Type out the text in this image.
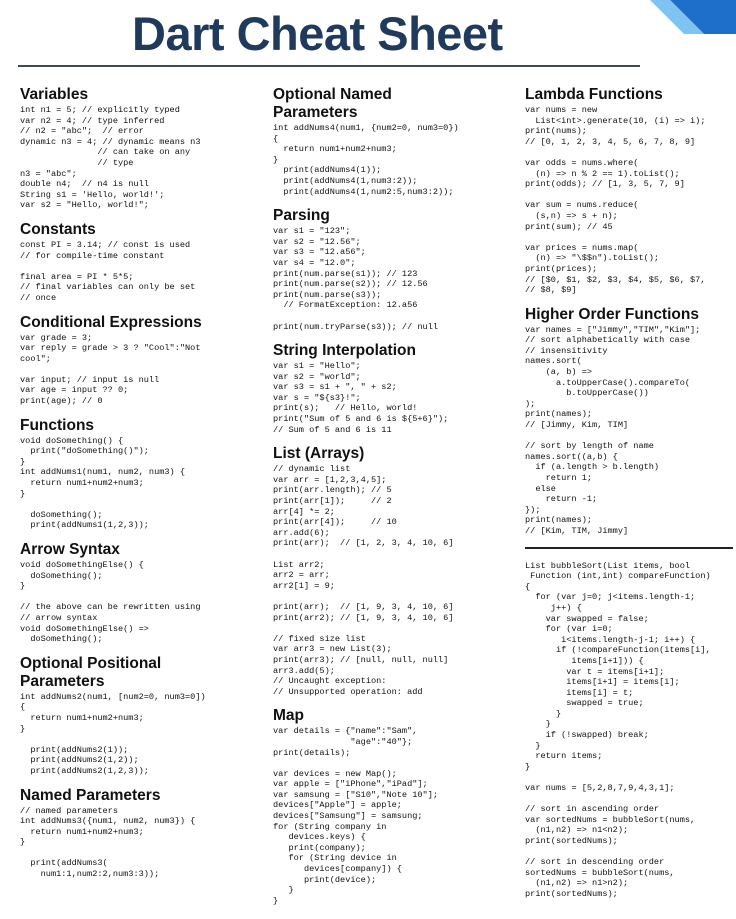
Dart Cheat Sheet
Variables
int n1 = 5; // explicitly typed
var n2 = 4; // type inferred
// n2 = "abc";  // error
dynamic n3 = 4; // dynamic means n3
// can take on any
// type
n3 = "abc";
double n4;  // n4 is null
String s1 = 'Hello, world!';
var s2 = "Hello, world!";
Constants
const PI = 3.14; // const is used
// for compile-time constant

final area = PI * 5*5;
// final variables can only be set
// once
Conditional Expressions
var grade = 3;
var reply = grade > 3 ? "Cool":"Not
cool";

var input; // input is null
var age = input ?? 0;
print(age); // 0
Functions
void doSomething() {
print("doSomething()");
}
int addNums1(num1, num2, num3) {
return num1+num2+num3;
}

doSomething();
print(addNums1(1,2,3));
Arrow Syntax
void doSomethingElse() {
doSomething();
}

// the above can be rewritten using
// arrow syntax
void doSomethingElse() =>
doSomething();
Optional Positional
Parameters
int addNums2(num1, [num2=0, num3=0])
{
return num1+num2+num3;
}

print(addNums2(1));
print(addNums2(1,2));
print(addNums2(1,2,3));
Named Parameters
// named parameters
int addNums3({num1, num2, num3}) {
return num1+num2+num3;
}

print(addNums3(
num1:1,num2:2,num3:3));
Optional Named
Parameters
int addNums4(num1, {num2=0, num3=0})
{
return num1+num2+num3;
}
print(addNums4(1));
print(addNums4(1,num3:2));
print(addNums4(1,num2:5,num3:2));
Parsing
var s1 = "123";
var s2 = "12.56";
var s3 = "12.a56";
var s4 = "12.0";
print(num.parse(s1)); // 123
print(num.parse(s2)); // 12.56
print(num.parse(s3));
// FormatException: 12.a56

print(num.tryParse(s3)); // null
String Interpolation
var s1 = "Hello";
var s2 = "world";
var s3 = s1 + ", " + s2;
var s = "${s3}!";
print(s);   // Hello, world!
print("Sum of 5 and 6 is ${5+6}");
// Sum of 5 and 6 is 11
List (Arrays)
// dynamic list
var arr = [1,2,3,4,5];
print(arr.length); // 5
print(arr[1]);     // 2
arr[4] *= 2;
print(arr[4]);     // 10
arr.add(6);
print(arr);  // [1, 2, 3, 4, 10, 6]

List arr2;
arr2 = arr;
arr2[1] = 9;

print(arr);  // [1, 9, 3, 4, 10, 6]
print(arr2); // [1, 9, 3, 4, 10, 6]

// fixed size list
var arr3 = new List(3);
print(arr3); // [null, null, null]
arr3.add(5);
// Uncaught exception:
// Unsupported operation: add
Map
var details = {"name":"Sam",
"age":"40"};
print(details);

var devices = new Map();
var apple = ["iPhone","iPad"];
var samsung = ["S10","Note 10"];
devices["Apple"] = apple;
devices["Samsung"] = samsung;
for (String company in
devices.keys) {
print(company);
for (String device in
devices[company]) {
print(device);
}
}
Lambda Functions
var nums = new
List<int>.generate(10, (i) => i);
print(nums);
// [0, 1, 2, 3, 4, 5, 6, 7, 8, 9]

var odds = nums.where(
(n) => n % 2 == 1).toList();
print(odds); // [1, 3, 5, 7, 9]

var sum = nums.reduce(
(s,n) => s + n);
print(sum); // 45

var prices = nums.map(
(n) => "\$$n").toList();
print(prices);
// [$0, $1, $2, $3, $4, $5, $6, $7,
// $8, $9]
Higher Order Functions
var names = ["Jimmy","TIM","Kim"];
// sort alphabetically with case
// insensitivity
names.sort(
(a, b) =>
a.toUpperCase().compareTo(
b.toUpperCase())
);
print(names);
// [Jimmy, Kim, TIM]

// sort by length of name
names.sort((a,b) {
if (a.length > b.length)
return 1;
else
return -1;
});
print(names);
// [Kim, TIM, Jimmy]
List bubbleSort(List items, bool
Function (int,int) compareFunction)
{
for (var j=0; j<items.length-1;
j++) {
var swapped = false;
for (var i=0;
i<items.length-j-1; i++) {
if (!compareFunction(items[i],
items[i+1])) {
var t = items[i+1];
items[i+1] = items[i];
items[i] = t;
swapped = true;
}
}
if (!swapped) break;
}
return items;
}

var nums = [5,2,8,7,9,4,3,1];

// sort in ascending order
var sortedNums = bubbleSort(nums,
(n1,n2) => n1<n2);
print(sortedNums);

// sort in descending order
sortedNums = bubbleSort(nums,
(n1,n2) => n1>n2);
print(sortedNums);
